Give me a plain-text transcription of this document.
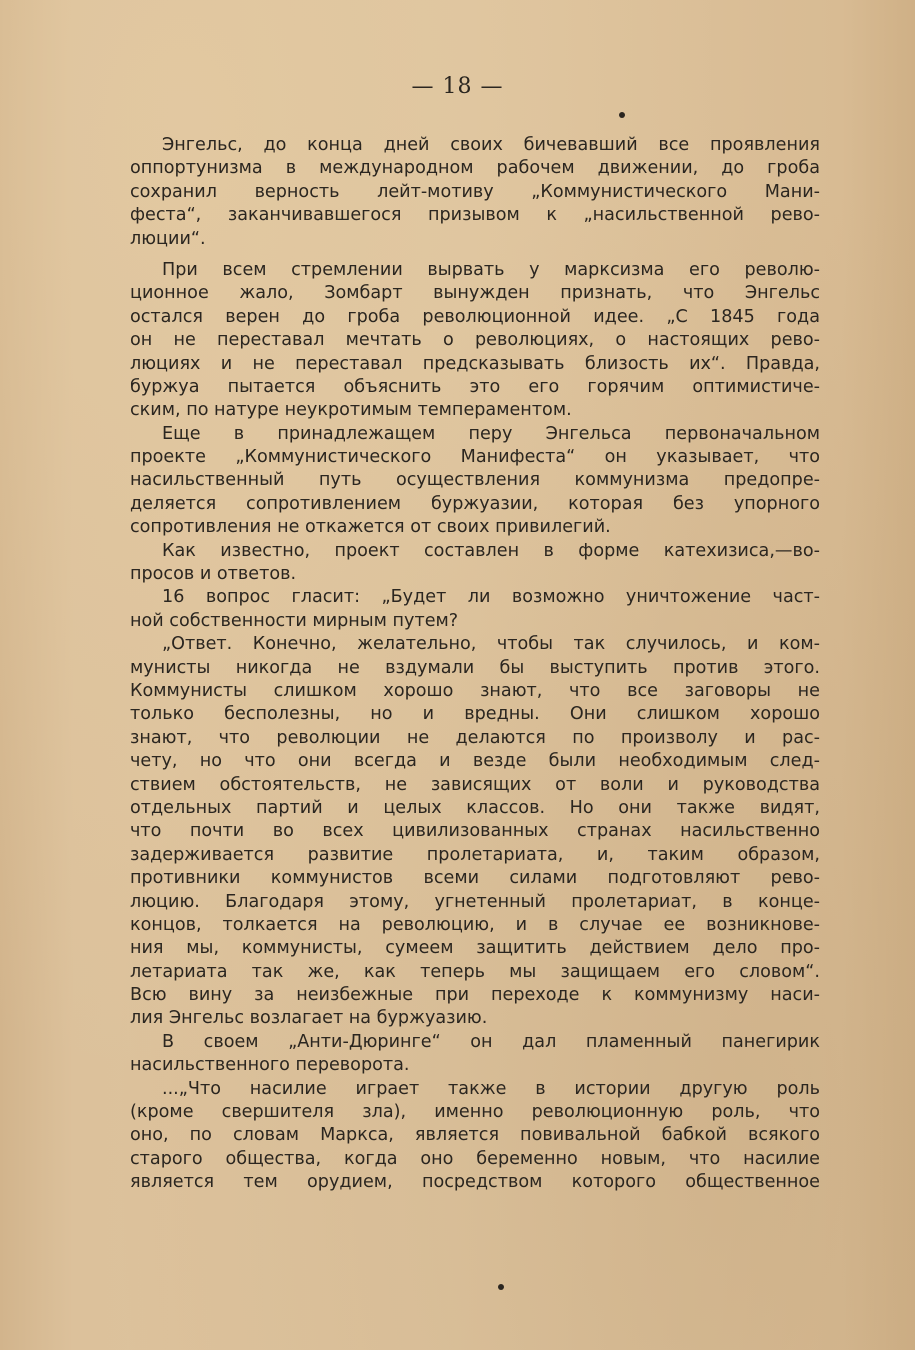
— 18 —
Энгельс, до конца дней своих бичевавший все проявления
оппортунизма в международном рабочем движении, до гроба
сохранил верность лейт-мотиву „Коммунистического Мани-
феста“, заканчивавшегося призывом к „насильственной рево-
люции“.
При всем стремлении вырвать у марксизма его револю-
ционное жало, Зомбарт вынужден признать, что Энгельс
остался верен до гроба революционной идее. „С 1845 года
он не переставал мечтать о революциях, о настоящих рево-
люциях и не переставал предсказывать близость их“. Правда,
буржуа пытается объяснить это его горячим оптимистиче-
ским, по натуре неукротимым темпераментом.
Еще в принадлежащем перу Энгельса первоначальном
проекте „Коммунистического Манифеста“ он указывает, что
насильственный путь осуществления коммунизма предопре-
деляется сопротивлением буржуазии, которая без упорного
сопротивления не откажется от своих привилегий.
Как известно, проект составлен в форме катехизиса,—во-
просов и ответов.
16 вопрос гласит: „Будет ли возможно уничтожение част-
ной собственности мирным путем?
„Ответ. Конечно, желательно, чтобы так случилось, и ком-
мунисты никогда не вздумали бы выступить против этого.
Коммунисты слишком хорошо знают, что все заговоры не
только бесполезны, но и вредны. Они слишком хорошо
знают, что революции не делаются по произволу и рас-
чету, но что они всегда и везде были необходимым след-
ствием обстоятельств, не зависящих от воли и руководства
отдельных партий и целых классов. Но они также видят,
что почти во всех цивилизованных странах насильственно
задерживается развитие пролетариата, и, таким образом,
противники коммунистов всеми силами подготовляют рево-
люцию. Благодаря этому, угнетенный пролетариат, в конце-
концов, толкается на революцию, и в случае ее возникнове-
ния мы, коммунисты, сумеем защитить действием дело про-
летариата так же, как теперь мы защищаем его словом“.
Всю вину за неизбежные при переходе к коммунизму наси-
лия Энгельс возлагает на буржуазию.
В своем „Анти-Дюринге“ он дал пламенный панегирик
насильственного переворота.
...„Что насилие играет также в истории другую роль
(кроме свершителя зла), именно революционную роль, что
оно, по словам Маркса, является повивальной бабкой всякого
старого общества, когда оно беременно новым, что насилие
является тем орудием, посредством которого общественное
